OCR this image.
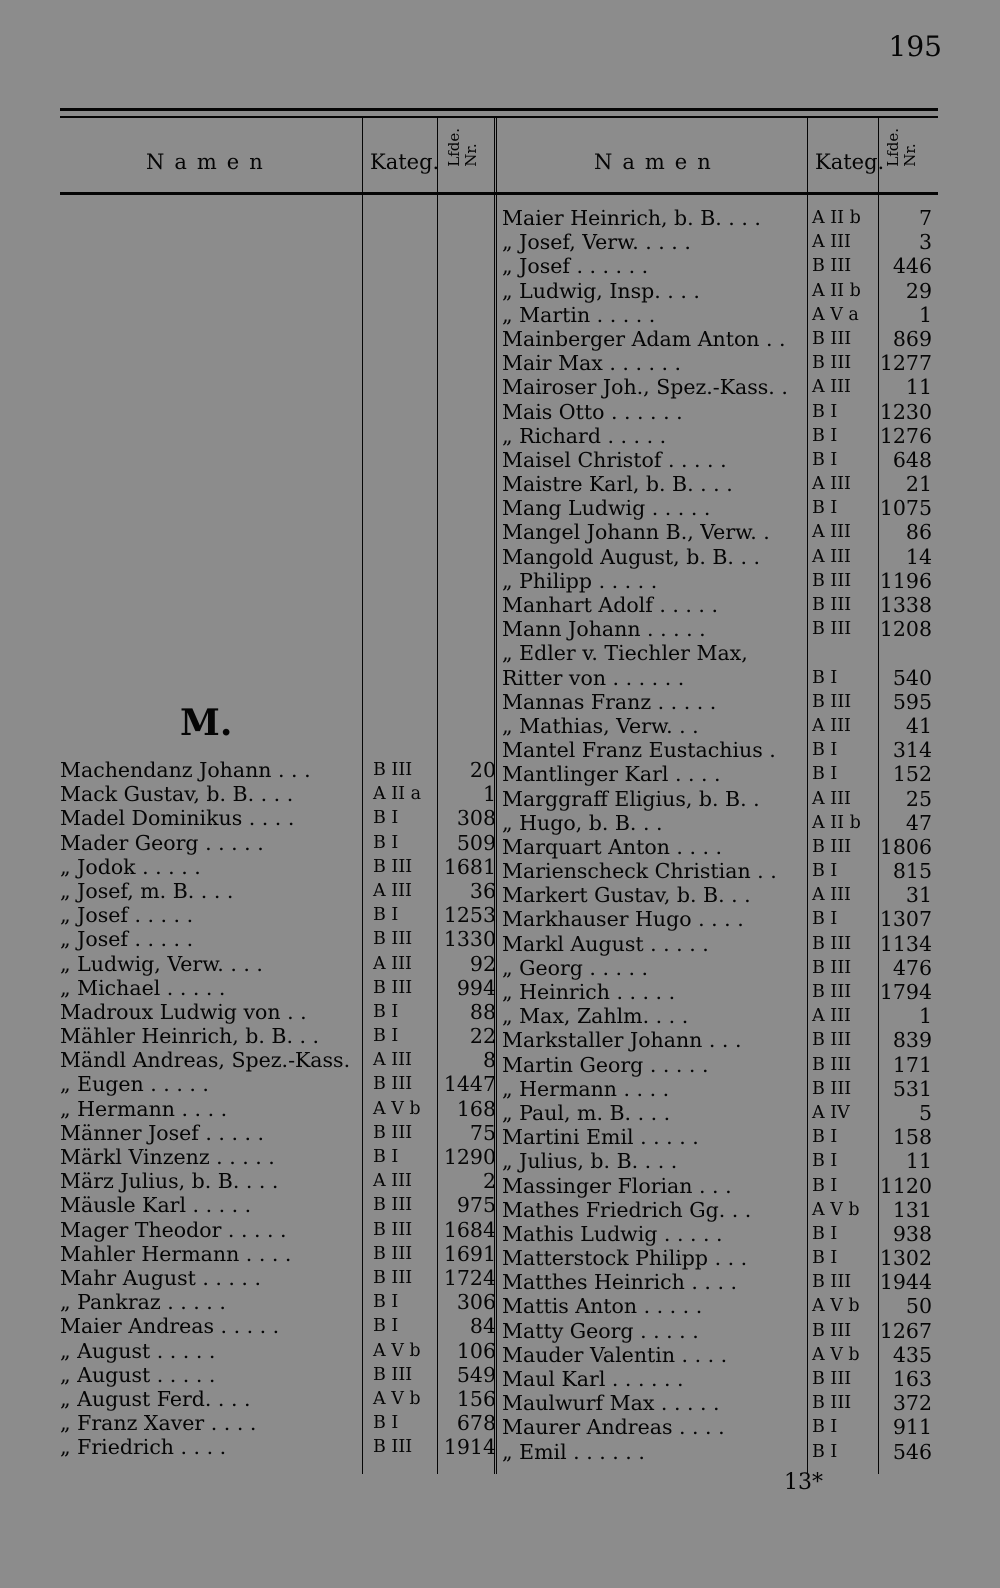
195
Namen	Kateg. Lfde. Nr.	Namen	Kateg. Lfde. Nr.
M.
Machendanz Johann . . .	B III	20
Mack Gustav, b. B. . . .	A II a	1
Madel Dominikus . . . .	B I	308
Mader Georg . . . . .	B I	509
„ Jodok . . . . .	B III 1681
„ Josef, m. B. . . .	A III	36
„ Josef . . . . .	B I 1253
„ Josef . . . . .	B III 1330
„ Ludwig, Verw. . . .	A III	92
„ Michael . . . . .	B III	994
Madroux Ludwig von . .	B I	88
Mähler Heinrich, b. B. . .	B I	22
Mändl Andreas, Spez.-Kass. A III	8
„ Eugen . . . . .	B III 1447
„ Hermann . . . .	A V b	168
Männer Josef . . . . .	B III	75
Märkl Vinzenz . . . . .	B I 1290
März Julius, b. B. . . .	A III	2
Mäusle Karl . . . . .	B III	975
Mager Theodor . . . . .	B III 1684
Mahler Hermann . . . .	B III 1691
Mahr August . . . . .	B III 1724
„ Pankraz . . . . .	B I	306
Maier Andreas . . . . .	B I	84
„ August . . . . .	A V b	106
„ August . . . . .	B III	549
„ August Ferd. . . .	A V b	156
„ Franz Xaver . . . .	B I	678
„ Friedrich . . . .	B III 1914
Maier Heinrich, b. B. . . .	A II b	7
„ Josef, Verw. . . . .	A III	3
„ Josef . . . . . .	B III	446
„ Ludwig, Insp. . . .	A II b	29
„ Martin . . . . .	A V a	1
Mainberger Adam Anton . .	B III	869
Mair Max . . . . . .	B III 1277
Mairoser Joh., Spez.-Kass. .	A III	11
Mais Otto . . . . . .	B I 1230
„ Richard . . . . .	B I 1276
Maisel Christof . . . . .	B I	648
Maistre Karl, b. B. . . .	A III	21
Mang Ludwig . . . . .	B I 1075
Mangel Johann B., Verw. .	A III	86
Mangold August, b. B. . .	A III	14
„ Philipp . . . . .	B III 1196
Manhart Adolf . . . . .	B III 1338
Mann Johann . . . . .	B III 1208
„ Edler v. Tiechler Max,
Ritter von . . . . . .	B I	540
Mannas Franz . . . . .	B III	595
„ Mathias, Verw. . .	A III	41
Mantel Franz Eustachius .	B I	314
Mantlinger Karl . . . .	B I	152
Marggraff Eligius, b. B. .	A III	25
„ Hugo, b. B. . .	A II b	47
Marquart Anton . . . .	B III 1806
Marienscheck Christian . .	B I	815
Markert Gustav, b. B. . .	A III	31
Markhauser Hugo . . . .	B I 1307
Markl August . . . . .	B III 1134
„ Georg . . . . .	B III	476
„ Heinrich . . . . .	B III 1794
„ Max, Zahlm. . . .	A III	1
Markstaller Johann . . .	B III	839
Martin Georg . . . . .	B III	171
„ Hermann . . . .	B III	531
„ Paul, m. B. . . .	A IV	5
Martini Emil . . . . .	B I	158
„ Julius, b. B. . . .	B I	11
Massinger Florian . . .	B I 1120
Mathes Friedrich Gg. . .	A V b	131
Mathis Ludwig . . . . .	B I	938
Matterstock Philipp . . .	B I 1302
Matthes Heinrich . . . .	B III 1944
Mattis Anton . . . . .	A V b	50
Matty Georg . . . . .	B III 1267
Mauder Valentin . . . .	A V b	435
Maul Karl . . . . . .	B III	163
Maulwurf Max . . . . .	B III	372
Maurer Andreas . . . .	B I	911
„ Emil . . . . . .	B I	546
13*
